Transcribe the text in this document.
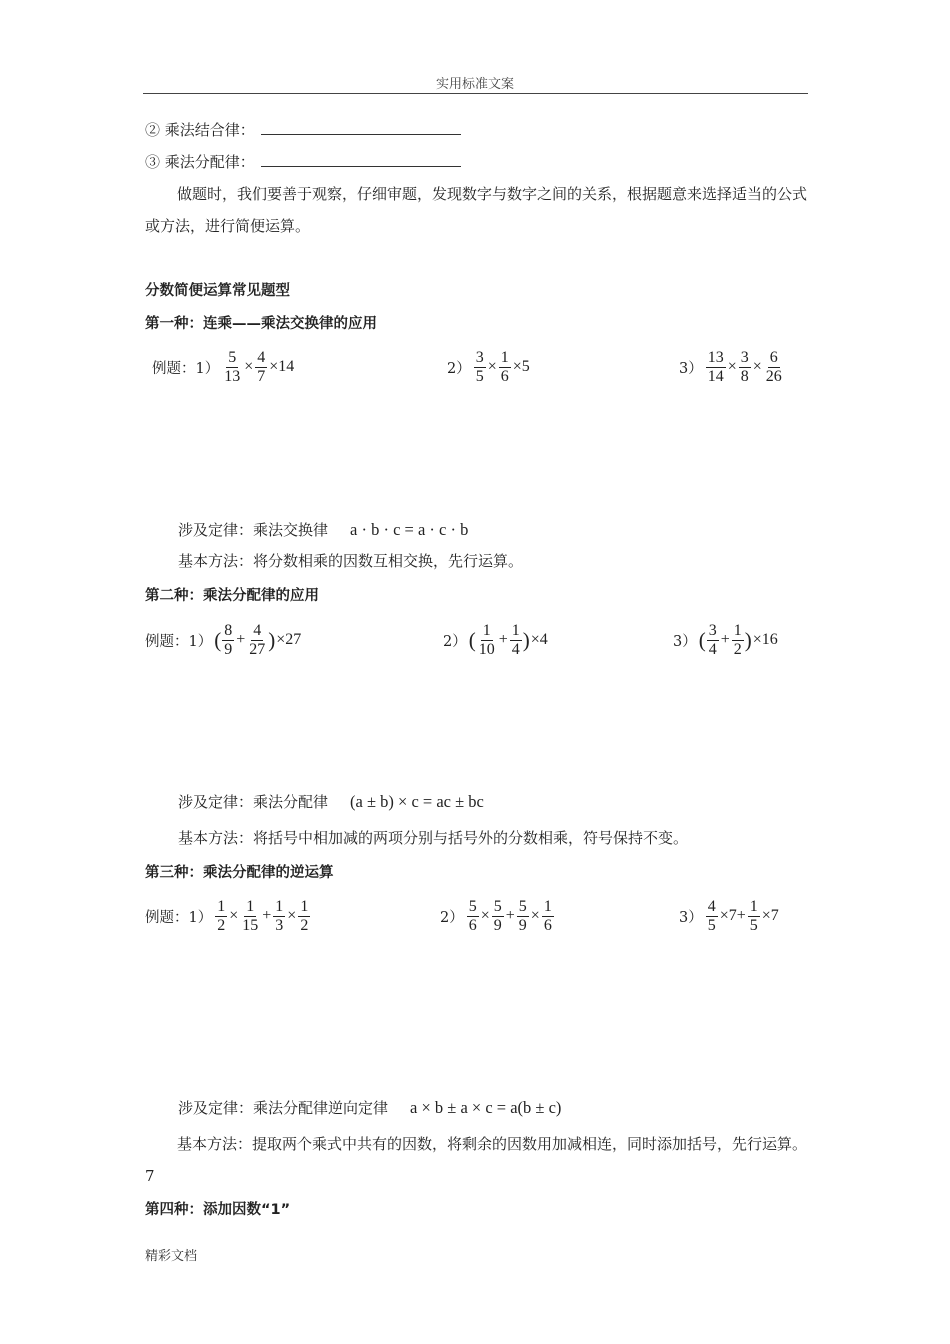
实用标准文案
② 乘法结合律：
③ 乘法分配律：
做题时，我们要善于观察，仔细审题，发现数字与数字之间的关系，根据题意来选择适当的公式或方法，进行简便运算。
分数简便运算常见题型
第一种：连乘——乘法交换律的应用
例题：$1) \frac{5}{13} \times \frac{4}{7} \times 14$	$2) \frac{3}{5} \times \frac{1}{6} \times 5$	$3) \frac{13}{14} \times \frac{3}{8} \times \frac{6}{26}$
涉及定律：乘法交换律 a · b · c = a · c · b
基本方法：将分数相乘的因数互相交换，先行运算。
第二种：乘法分配律的应用
例题：1） ( $\frac{8}{9} + \frac{4}{27}$ ) ×27	2） ( $\frac{1}{10} + \frac{1}{4}$ ) ×4	3） ( $\frac{3}{4} + \frac{1}{2}$ ) ×16
涉及定律：乘法分配律 (a ± b) × c = ac ± bc
基本方法：将括号中相加减的两项分别与括号外的分数相乘，符号保持不变。
第三种：乘法分配律的逆运算
例题：$1) \frac{1}{2} \times \frac{1}{15} + \frac{1}{3} \times \frac{1}{2}$	$2) \frac{5}{6} \times \frac{5}{9} + \frac{5}{9} \times \frac{1}{6}$	$3) \frac{4}{5} \times 7+ \frac{1}{5} \times 7$
涉及定律：乘法分配律逆向定律 a × b ± a × c = a(b ± c)
基本方法：提取两个乘式中共有的因数，将剩余的因数用加减相连，同时添加括号，先行运算。7
第四种：添加因数“1”
精彩文档
